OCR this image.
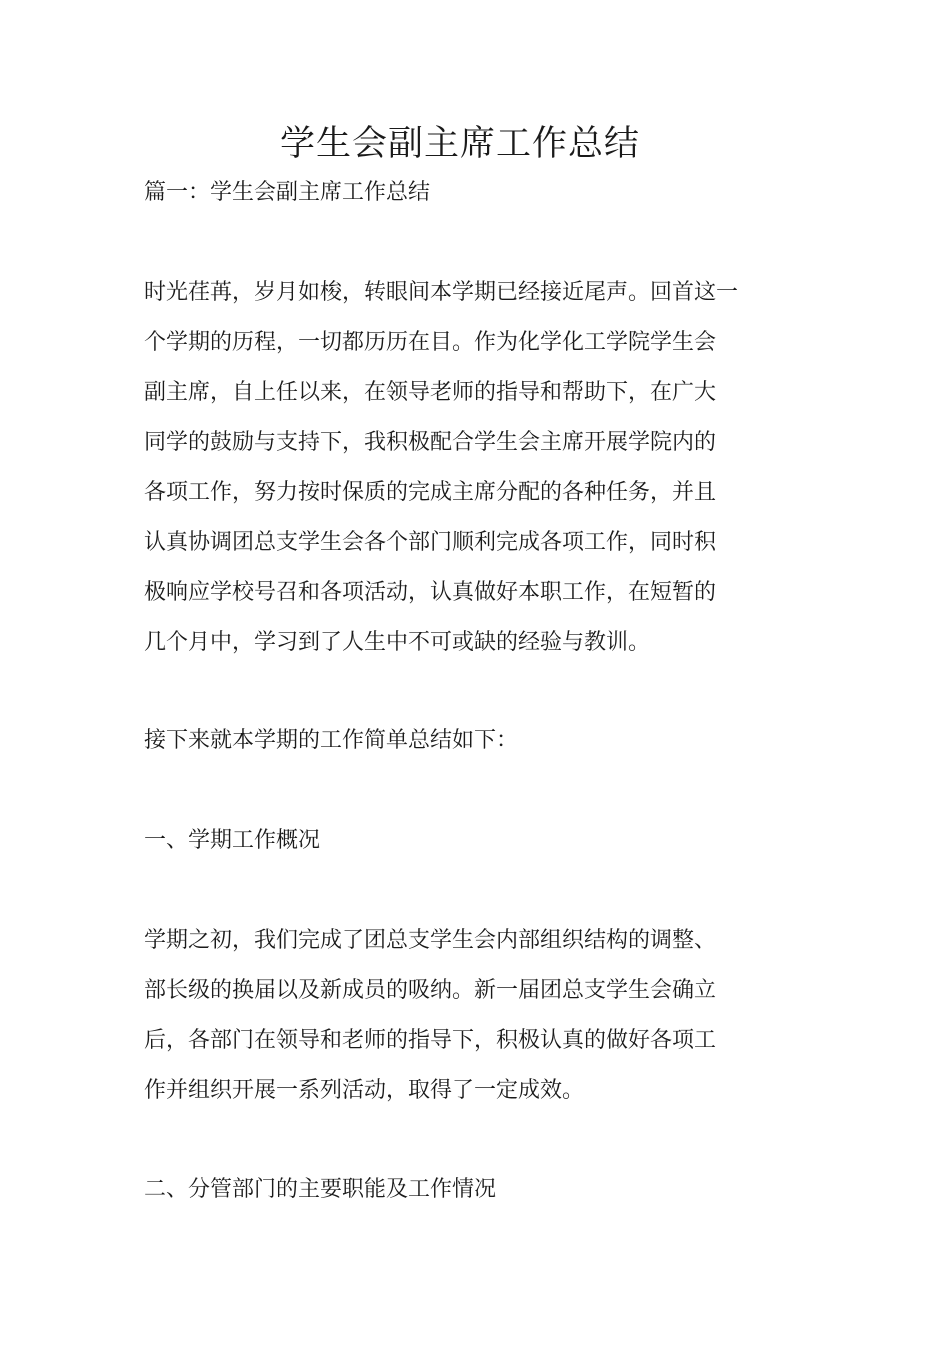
学生会副主席工作总结
篇一：学生会副主席工作总结
时光荏苒，岁月如梭，转眼间本学期已经接近尾声。回首这一
个学期的历程，一切都历历在目。作为化学化工学院学生会
副主席，自上任以来，在领导老师的指导和帮助下，在广大
同学的鼓励与支持下，我积极配合学生会主席开展学院内的
各项工作，努力按时保质的完成主席分配的各种任务，并且
认真协调团总支学生会各个部门顺利完成各项工作，同时积
极响应学校号召和各项活动，认真做好本职工作，在短暂的
几个月中，学习到了人生中不可或缺的经验与教训。
接下来就本学期的工作简单总结如下：
一、学期工作概况
学期之初，我们完成了团总支学生会内部组织结构的调整、
部长级的换届以及新成员的吸纳。新一届团总支学生会确立
后，各部门在领导和老师的指导下，积极认真的做好各项工
作并组织开展一系列活动，取得了一定成效。
二、分管部门的主要职能及工作情况
